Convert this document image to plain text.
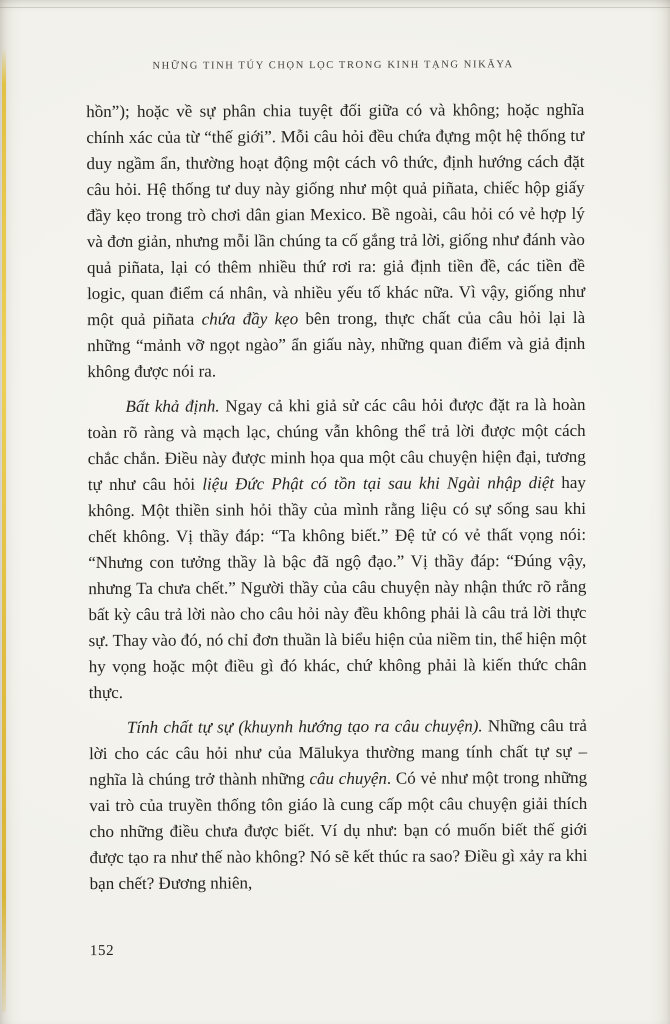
NHỮNG TINH TÚY CHỌN LỌC TRONG KINH TẠNG NIKĀYA

hồn”); hoặc về sự phân chia tuyệt đối giữa có và không; hoặc nghĩa chính xác của từ “thế giới”. Mỗi câu hỏi đều chứa đựng một hệ thống tư duy ngầm ẩn, thường hoạt động một cách vô thức, định hướng cách đặt câu hỏi. Hệ thống tư duy này giống như một quả piñata, chiếc hộp giấy đầy kẹo trong trò chơi dân gian Mexico. Bề ngoài, câu hỏi có vẻ hợp lý và đơn giản, nhưng mỗi lần chúng ta cố gắng trả lời, giống như đánh vào quả piñata, lại có thêm nhiều thứ rơi ra: giả định tiền đề, các tiền đề logic, quan điểm cá nhân, và nhiều yếu tố khác nữa. Vì vậy, giống như một quả piñata chứa đầy kẹo bên trong, thực chất của câu hỏi lại là những “mảnh vỡ ngọt ngào” ẩn giấu này, những quan điểm và giả định không được nói ra.

Bất khả định. Ngay cả khi giả sử các câu hỏi được đặt ra là hoàn toàn rõ ràng và mạch lạc, chúng vẫn không thể trả lời được một cách chắc chắn. Điều này được minh họa qua một câu chuyện hiện đại, tương tự như câu hỏi liệu Đức Phật có tồn tại sau khi Ngài nhập diệt hay không. Một thiền sinh hỏi thầy của mình rằng liệu có sự sống sau khi chết không. Vị thầy đáp: “Ta không biết.” Đệ tử có vẻ thất vọng nói: “Nhưng con tưởng thầy là bậc đã ngộ đạo.” Vị thầy đáp: “Đúng vậy, nhưng Ta chưa chết.” Người thầy của câu chuyện này nhận thức rõ rằng bất kỳ câu trả lời nào cho câu hỏi này đều không phải là câu trả lời thực sự. Thay vào đó, nó chỉ đơn thuần là biểu hiện của niềm tin, thể hiện một hy vọng hoặc một điều gì đó khác, chứ không phải là kiến thức chân thực.

Tính chất tự sự (khuynh hướng tạo ra câu chuyện). Những câu trả lời cho các câu hỏi như của Mālukya thường mang tính chất tự sự – nghĩa là chúng trở thành những câu chuyện. Có vẻ như một trong những vai trò của truyền thống tôn giáo là cung cấp một câu chuyện giải thích cho những điều chưa được biết. Ví dụ như: bạn có muốn biết thế giới được tạo ra như thế nào không? Nó sẽ kết thúc ra sao? Điều gì xảy ra khi bạn chết? Đương nhiên,

152
